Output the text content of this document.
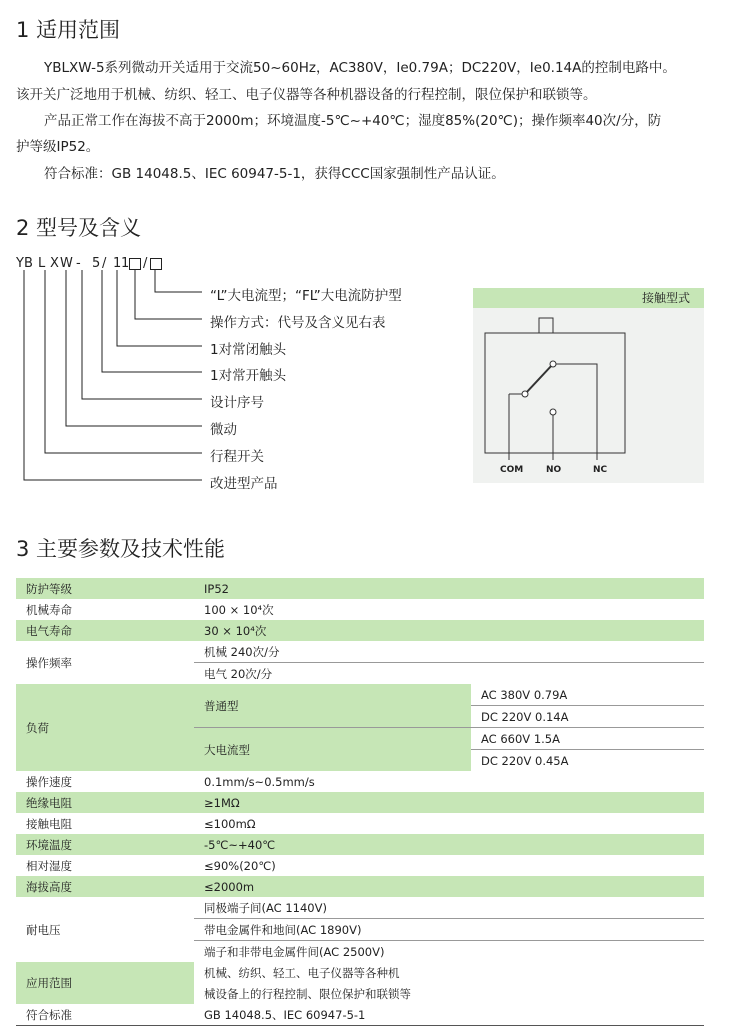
1 适用范围
YBLXW-5系列微动开关适用于交流50~60Hz，AC380V，Ie0.79A；DC220V，Ie0.14A的控制电路中。
该开关广泛地用于机械、纺织、轻工、电子仪器等各种机器设备的行程控制，限位保护和联锁等。
产品正常工作在海拔不高于2000m；环境温度-5℃~+40℃；湿度85%(20℃)；操作频率40次/分，防
护等级IP52。
符合标准：GB 14048.5、IEC 60947-5-1，获得CCC国家强制性产品认证。
2 型号及含义
YB L X W - 5 / 1 1 /
“L”大电流型；“FL”大电流防护型
操作方式：代号及含义见右表
1对常闭触头
1对常开触头
设计序号
微动
行程开关
改进型产品
接触型式
COM	NO	NC
3 主要参数及技术性能
防护等级	IP52	
机械寿命	100 × 10⁴次	
电气寿命	30 × 10⁴次	
操作频率	机械 240次/分	
	电气 20次/分	
负荷	普通型	AC 380V 0.79A
		DC 220V 0.14A
	大电流型	AC 660V 1.5A
		DC 220V 0.45A
操作速度	0.1mm/s~0.5mm/s	
绝缘电阻	≥1MΩ	
接触电阻	≤100mΩ	
环境温度	-5℃~+40℃	
相对湿度	≤90%(20℃)	
海拔高度	≤2000m	
耐电压	同极端子间(AC 1140V)	
	带电金属件和地间(AC 1890V)	
	端子和非带电金属件间(AC 2500V)	
应用范围	机械、纺织、轻工、电子仪器等各种机	
	械设备上的行程控制、限位保护和联锁等	
符合标准	GB 14048.5、IEC 60947-5-1	
